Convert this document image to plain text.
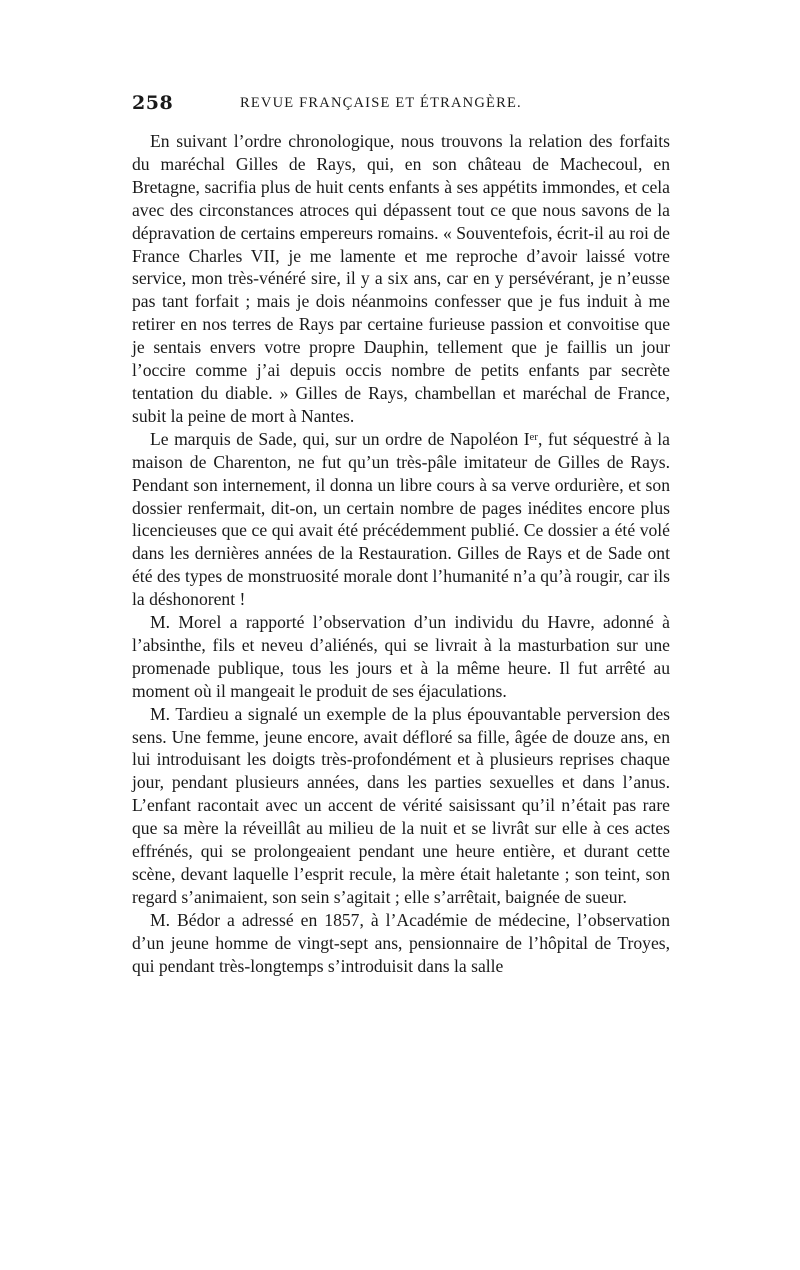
258	REVUE FRANÇAISE ET ÉTRANGÈRE.

En suivant l’ordre chronologique, nous trouvons la relation des forfaits du maréchal Gilles de Rays, qui, en son château de Machecoul, en Bretagne, sacrifia plus de huit cents enfants à ses appétits immondes, et cela avec des circonstances atroces qui dépassent tout ce que nous savons de la dépravation de certains empereurs romains. « Souventefois, écrit-il au roi de France Charles VII, je me lamente et me reproche d’avoir laissé votre service, mon très-vénéré sire, il y a six ans, car en y persévérant, je n’eusse pas tant forfait ; mais je dois néanmoins confesser que je fus induit à me retirer en nos terres de Rays par certaine furieuse passion et convoitise que je sentais envers votre propre Dauphin, tellement que je faillis un jour l’occire comme j’ai depuis occis nombre de petits enfants par secrète tentation du diable. » Gilles de Rays, chambellan et maréchal de France, subit la peine de mort à Nantes.

Le marquis de Sade, qui, sur un ordre de Napoléon Iᵉʳ, fut séquestré à la maison de Charenton, ne fut qu’un très-pâle imitateur de Gilles de Rays. Pendant son internement, il donna un libre cours à sa verve ordurière, et son dossier renfermait, dit-on, un certain nombre de pages inédites encore plus licencieuses que ce qui avait été précédemment publié. Ce dossier a été volé dans les dernières années de la Restauration. Gilles de Rays et de Sade ont été des types de monstruosité morale dont l’humanité n’a qu’à rougir, car ils la déshonorent !

M. Morel a rapporté l’observation d’un individu du Havre, adonné à l’absinthe, fils et neveu d’aliénés, qui se livrait à la masturbation sur une promenade publique, tous les jours et à la même heure. Il fut arrêté au moment où il mangeait le produit de ses éjaculations.

M. Tardieu a signalé un exemple de la plus épouvantable perversion des sens. Une femme, jeune encore, avait défloré sa fille, âgée de douze ans, en lui introduisant les doigts très-profondément et à plusieurs reprises chaque jour, pendant plusieurs années, dans les parties sexuelles et dans l’anus. L’enfant racontait avec un accent de vérité saisissant qu’il n’était pas rare que sa mère la réveillât au milieu de la nuit et se livrât sur elle à ces actes effrénés, qui se prolongeaient pendant une heure entière, et durant cette scène, devant laquelle l’esprit recule, la mère était haletante ; son teint, son regard s’animaient, son sein s’agitait ; elle s’arrêtait, baignée de sueur.

M. Bédor a adressé en 1857, à l’Académie de médecine, l’observation d’un jeune homme de vingt-sept ans, pensionnaire de l’hôpital de Troyes, qui pendant très-longtemps s’introduisit dans la salle
